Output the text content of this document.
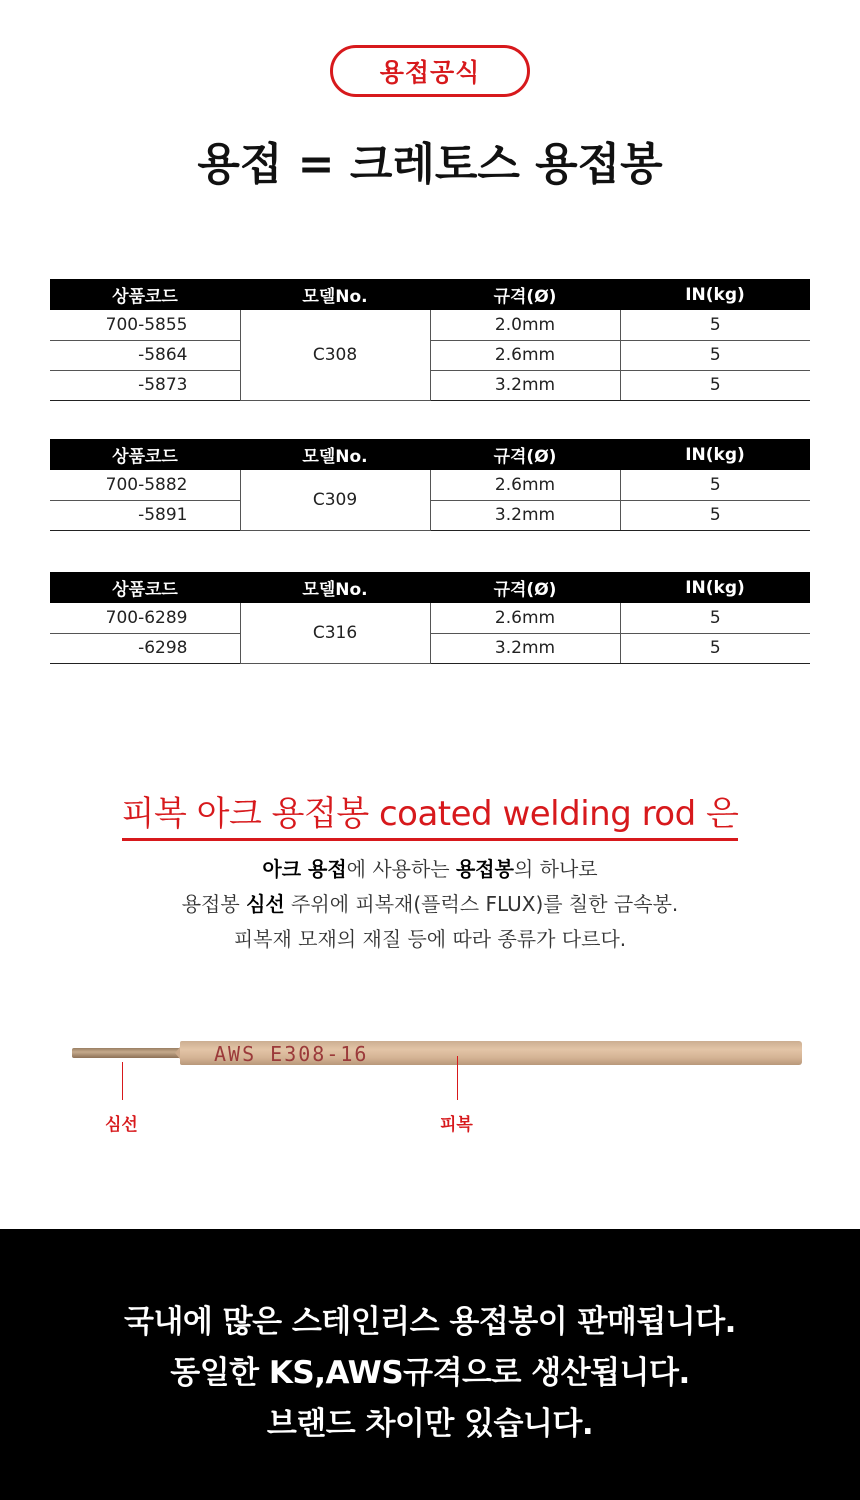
용접공식
용접 = 크레토스 용접봉
상품코드	모델No.	규격(Ø)	IN(kg)
700-5855	C308	2.0mm	5
-5864		2.6mm	5
-5873		3.2mm	5
상품코드	모델No.	규격(Ø)	IN(kg)
700-5882	C309	2.6mm	5
-5891		3.2mm	5
상품코드	모델No.	규격(Ø)	IN(kg)
700-6289	C316	2.6mm	5
-6298		3.2mm	5
피복 아크 용접봉 coated welding rod 은
아크 용접에 사용하는 용접봉의 하나로
용접봉 심선 주위에 피복재(플럭스 FLUX)를 칠한 금속봉.
피복재 모재의 재질 등에 따라 종류가 다르다.
AWS E308-16
심선	피복
국내에 많은 스테인리스 용접봉이 판매됩니다.
동일한 KS,AWS규격으로 생산됩니다.
브랜드 차이만 있습니다.
